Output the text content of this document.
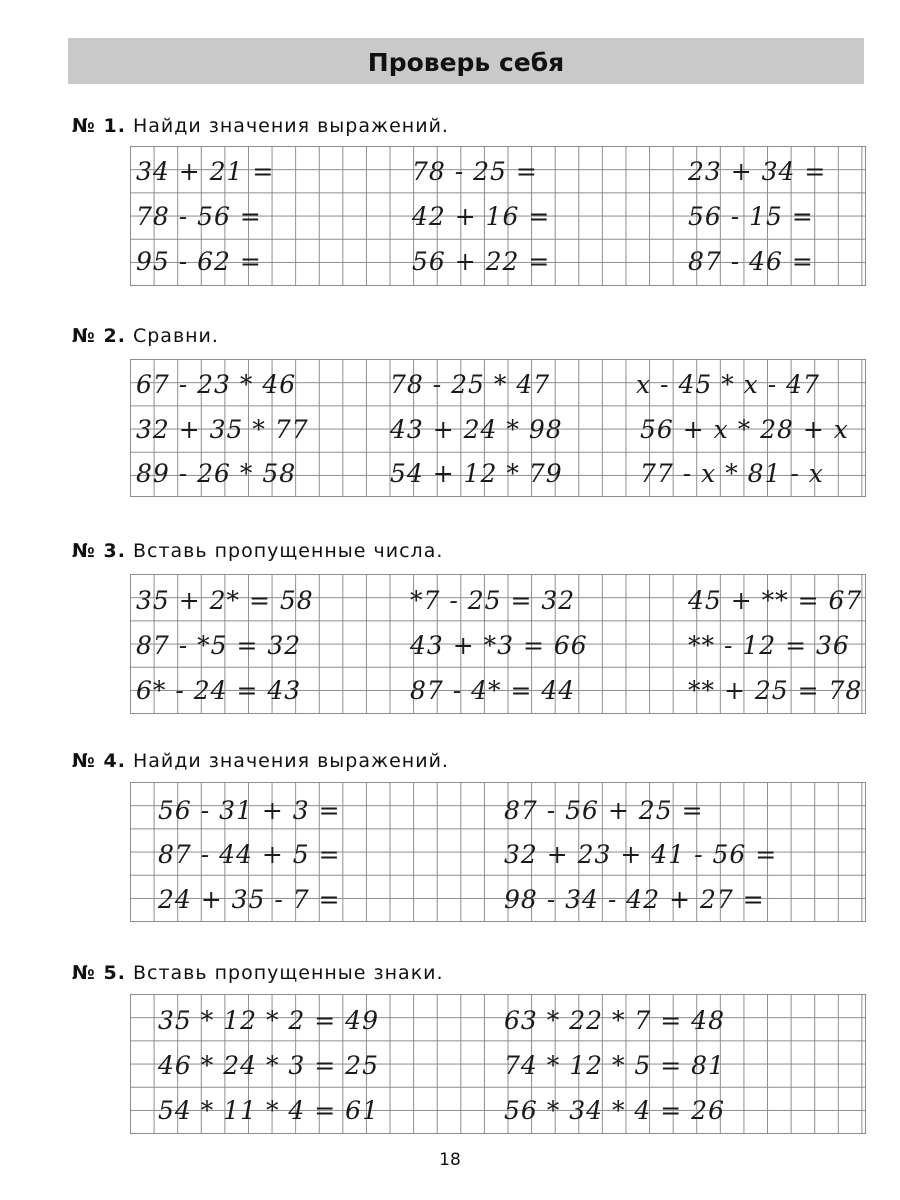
Проверь себя
№ 1. Найди значения выражений.
34 + 21 =	78 - 25 =	23 + 34 =
78 - 56 =	42 + 16 =	56 - 15 =
95 - 62 =	56 + 22 =	87 - 46 =
№ 2. Сравни.
67 - 23 * 46	78 - 25 * 47	x - 45 * x - 47
32 + 35 * 77	43 + 24 * 98	56 + x * 28 + x
89 - 26 * 58	54 + 12 * 79	77 - x * 81 - x
№ 3. Вставь пропущенные числа.
35 + 2* = 58	*7 - 25 = 32	45 + ** = 67
87 - *5 = 32	43 + *3 = 66	** - 12 = 36
6* - 24 = 43	87 - 4* = 44	** + 25 = 78
№ 4. Найди значения выражений.
56 - 31 + 3 =	87 - 56 + 25 =
87 - 44 + 5 =	32 + 23 + 41 - 56 =
24 + 35 - 7 =	98 - 34 - 42 + 27 =
№ 5. Вставь пропущенные знаки.
35 * 12 * 2 = 49	63 * 22 * 7 = 48
46 * 24 * 3 = 25	74 * 12 * 5 = 81
54 * 11 * 4 = 61	56 * 34 * 4 = 26
18
